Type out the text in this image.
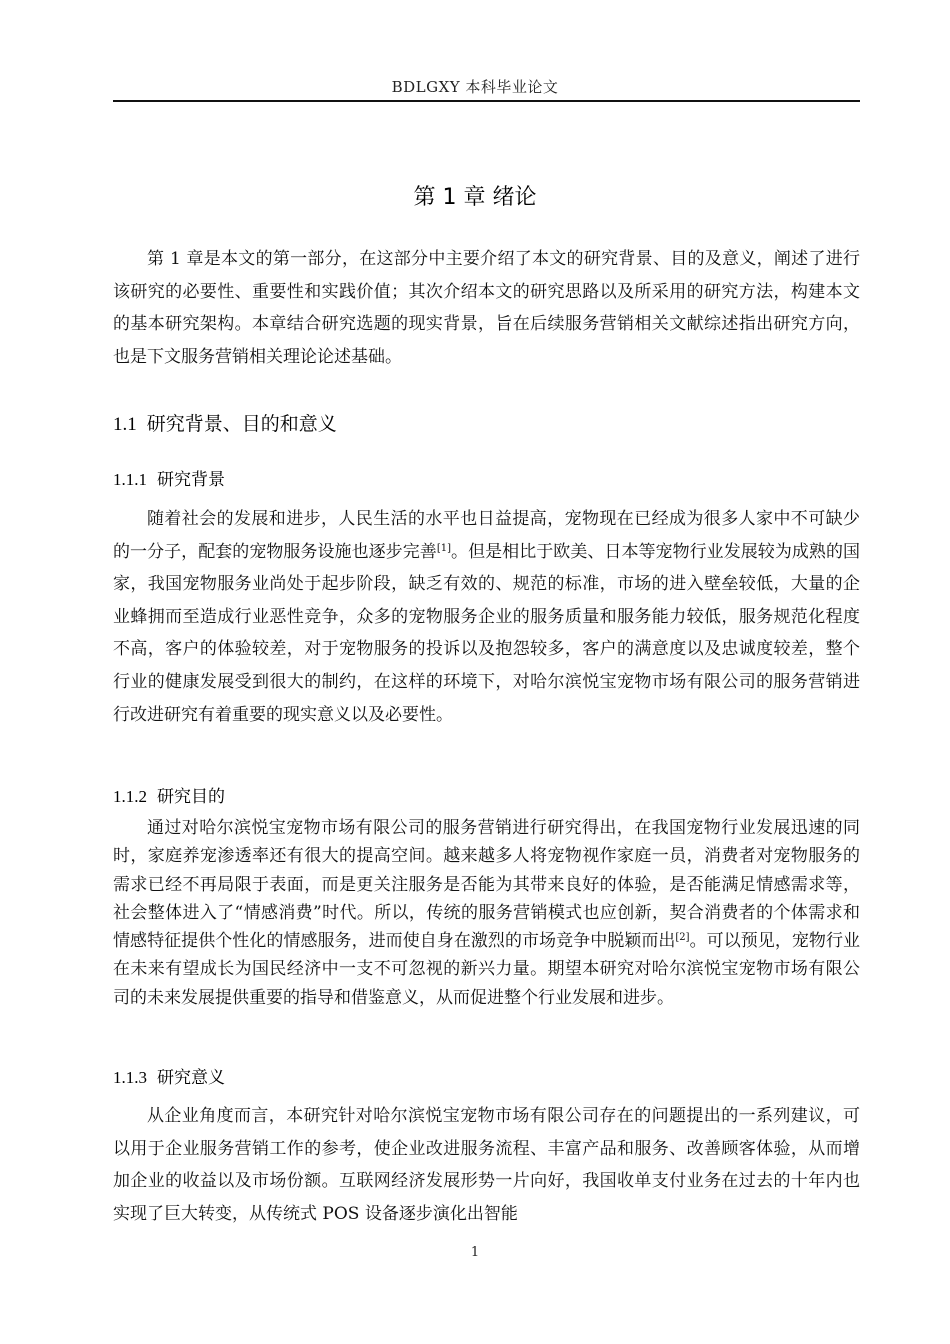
BDLGXY 本科毕业论文
第 1 章 绪论

第 1 章是本文的第一部分，在这部分中主要介绍了本文的研究背景、目的及意义，阐述了进行该研究的必要性、重要性和实践价值；其次介绍本文的研究思路以及所采用的研究方法，构建本文的基本研究架构。本章结合研究选题的现实背景，旨在后续服务营销相关文献综述指出研究方向，也是下文服务营销相关理论论述基础。

1.1 研究背景、目的和意义
1.1.1 研究背景

随着社会的发展和进步，人民生活的水平也日益提高，宠物现在已经成为很多人家中不可缺少的一分子，配套的宠物服务设施也逐步完善[1]。但是相比于欧美、日本等宠物行业发展较为成熟的国家，我国宠物服务业尚处于起步阶段，缺乏有效的、规范的标准，市场的进入壁垒较低，大量的企业蜂拥而至造成行业恶性竞争，众多的宠物服务企业的服务质量和服务能力较低，服务规范化程度不高，客户的体验较差，对于宠物服务的投诉以及抱怨较多，客户的满意度以及忠诚度较差，整个行业的健康发展受到很大的制约，在这样的环境下，对哈尔滨悦宝宠物市场有限公司的服务营销进行改进研究有着重要的现实意义以及必要性。

1.1.2 研究目的

通过对哈尔滨悦宝宠物市场有限公司的服务营销进行研究得出，在我国宠物行业发展迅速的同时，家庭养宠渗透率还有很大的提高空间。越来越多人将宠物视作家庭一员，消费者对宠物服务的需求已经不再局限于表面，而是更关注服务是否能为其带来良好的体验，是否能满足情感需求等，社会整体进入了“情感消费”时代。所以，传统的服务营销模式也应创新，契合消费者的个体需求和情感特征提供个性化的情感服务，进而使自身在激烈的市场竞争中脱颖而出[2]。可以预见，宠物行业在未来有望成长为国民经济中一支不可忽视的新兴力量。期望本研究对哈尔滨悦宝宠物市场有限公司的未来发展提供重要的指导和借鉴意义，从而促进整个行业发展和进步。

1.1.3 研究意义

从企业角度而言，本研究针对哈尔滨悦宝宠物市场有限公司存在的问题提出的一系列建议，可以用于企业服务营销工作的参考，使企业改进服务流程、丰富产品和服务、改善顾客体验，从而增加企业的收益以及市场份额。互联网经济发展形势一片向好，我国收单支付业务在过去的十年内也实现了巨大转变，从传统式 POS 设备逐步演化出智能

1
